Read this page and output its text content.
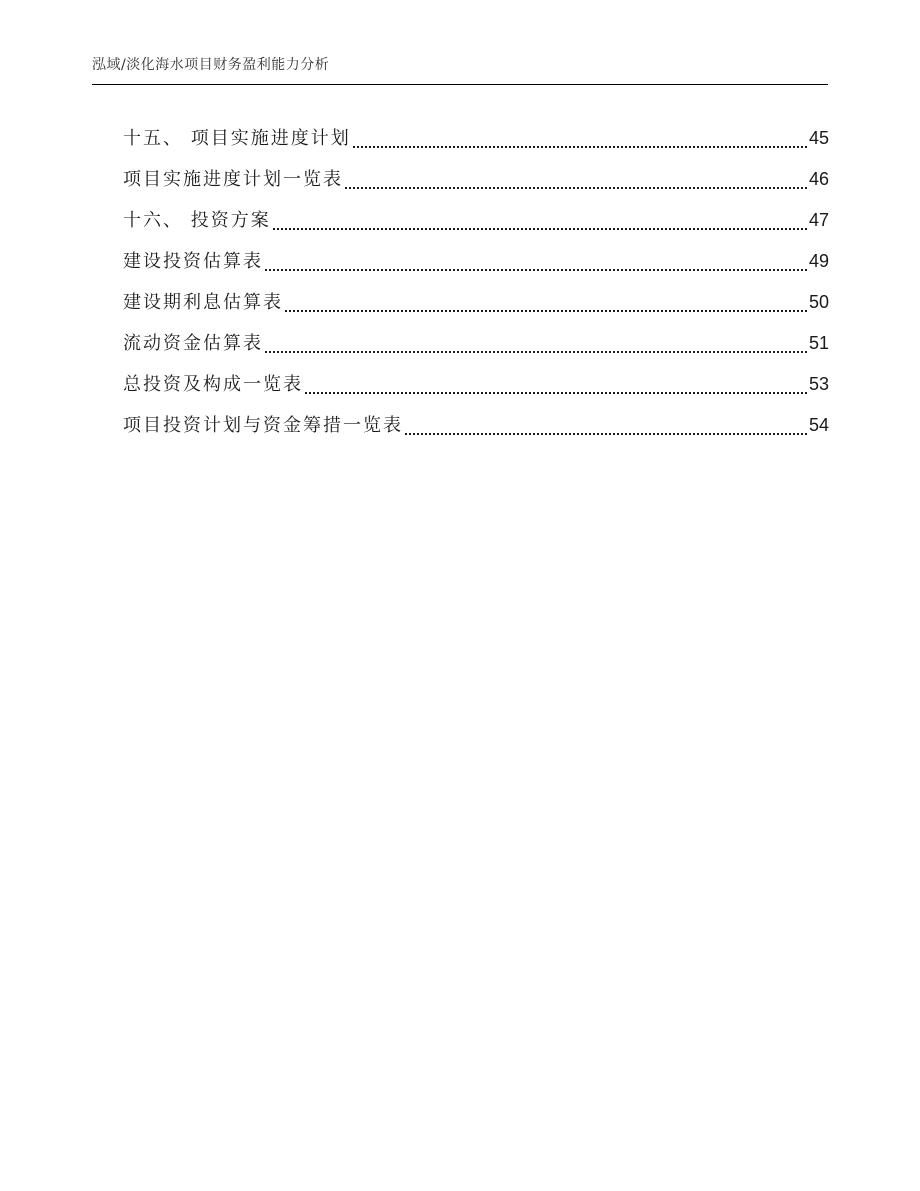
泓域/淡化海水项目财务盈利能力分析
十五、 项目实施进度计划	45
项目实施进度计划一览表	46
十六、 投资方案	47
建设投资估算表	49
建设期利息估算表	50
流动资金估算表	51
总投资及构成一览表	53
项目投资计划与资金筹措一览表	54
